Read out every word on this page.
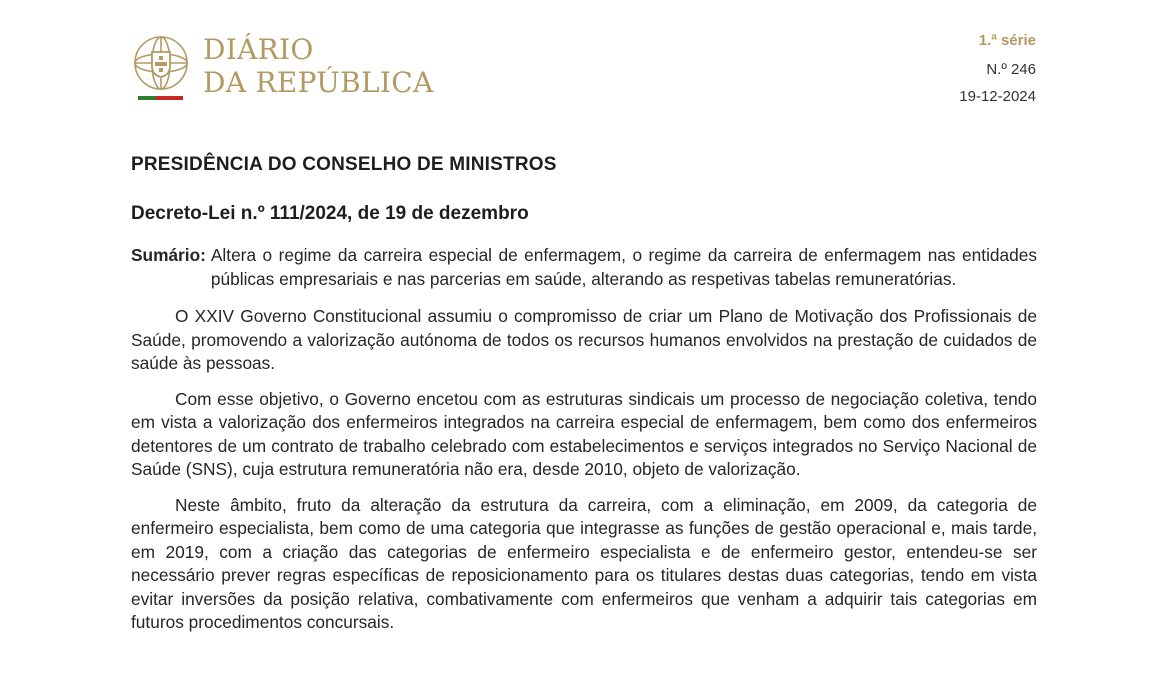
DIÁRIO
DA REPÚBLICA
1.ª série
N.º 246
19-12-2024
PRESIDÊNCIA DO CONSELHO DE MINISTROS
Decreto-Lei n.º 111/2024, de 19 de dezembro
Sumário: Altera o regime da carreira especial de enfermagem, o regime da carreira de enfermagem nas entidades públicas empresariais e nas parcerias em saúde, alterando as respetivas tabelas remuneratórias.

O XXIV Governo Constitucional assumiu o compromisso de criar um Plano de Motivação dos Profissionais de Saúde, promovendo a valorização autónoma de todos os recursos humanos envolvidos na prestação de cuidados de saúde às pessoas.

Com esse objetivo, o Governo encetou com as estruturas sindicais um processo de negociação coletiva, tendo em vista a valorização dos enfermeiros integrados na carreira especial de enfermagem, bem como dos enfermeiros detentores de um contrato de trabalho celebrado com estabelecimentos e serviços integrados no Serviço Nacional de Saúde (SNS), cuja estrutura remuneratória não era, desde 2010, objeto de valorização.

Neste âmbito, fruto da alteração da estrutura da carreira, com a eliminação, em 2009, da categoria de enfermeiro especialista, bem como de uma categoria que integrasse as funções de gestão operacional e, mais tarde, em 2019, com a criação das categorias de enfermeiro especialista e de enfermeiro gestor, entendeu-se ser necessário prever regras específicas de reposicionamento para os titulares destas duas categorias, tendo em vista evitar inversões da posição relativa, combativamente com enfermeiros que venham a adquirir tais categorias em futuros procedimentos concursais.
